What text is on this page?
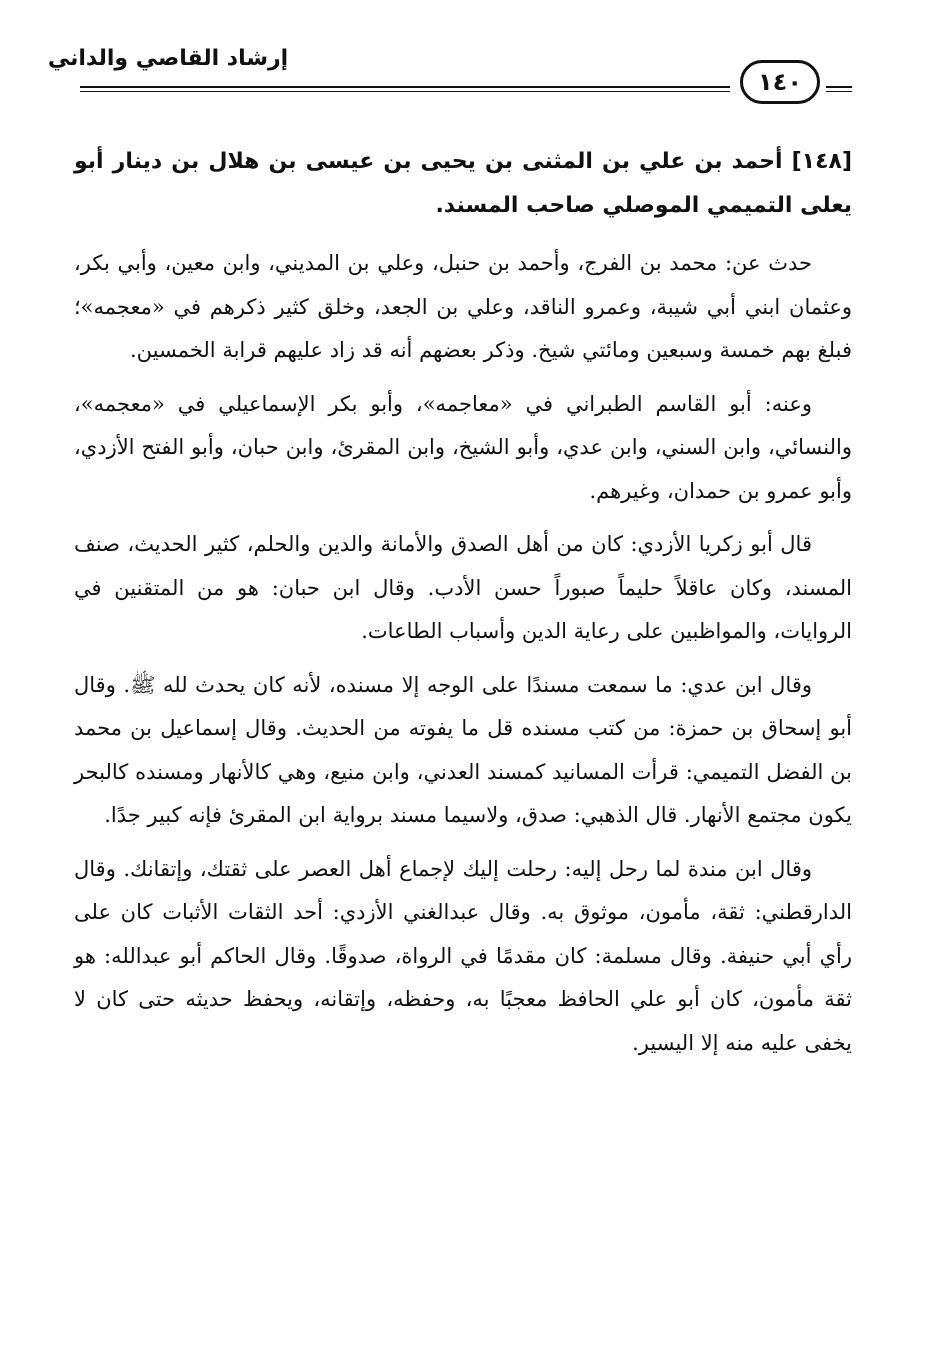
إرشاد القاصي والداني
١٤٠

[١٤٨] أحمد بن علي بن المثنى بن يحيى بن عيسى بن هلال بن دينار أبو يعلى التميمي الموصلي صاحب المسند.

حدث عن: محمد بن الفرج، وأحمد بن حنبل، وعلي بن المديني، وابن معين، وأبي بكر، وعثمان ابني أبي شيبة، وعمرو الناقد، وعلي بن الجعد، وخلق كثير ذكرهم في «معجمه»؛ فبلغ بهم خمسة وسبعين ومائتي شيخ. وذكر بعضهم أنه قد زاد عليهم قرابة الخمسين.

وعنه: أبو القاسم الطبراني في «معاجمه»، وأبو بكر الإسماعيلي في «معجمه»، والنسائي، وابن السني، وابن عدي، وأبو الشيخ، وابن المقرئ، وابن حبان، وأبو الفتح الأزدي، وأبو عمرو بن حمدان، وغيرهم.

قال أبو زكريا الأزدي: كان من أهل الصدق والأمانة والدين والحلم، كثير الحديث، صنف المسند، وكان عاقلاً حليماً صبوراً حسن الأدب. وقال ابن حبان: هو من المتقنين في الروايات، والمواظبين على رعاية الدين وأسباب الطاعات.

وقال ابن عدي: ما سمعت مسندًا على الوجه إلا مسنده، لأنه كان يحدث لله ﷺ. وقال أبو إسحاق بن حمزة: من كتب مسنده قل ما يفوته من الحديث. وقال إسماعيل بن محمد بن الفضل التميمي: قرأت المسانيد كمسند العدني، وابن منيع، وهي كالأنهار ومسنده كالبحر يكون مجتمع الأنهار. قال الذهبي: صدق، ولاسيما مسند برواية ابن المقرئ فإنه كبير جدًا.

وقال ابن مندة لما رحل إليه: رحلت إليك لإجماع أهل العصر على ثقتك، وإتقانك. وقال الدارقطني: ثقة، مأمون، موثوق به. وقال عبدالغني الأزدي: أحد الثقات الأثبات كان على رأي أبي حنيفة. وقال مسلمة: كان مقدمًا في الرواة، صدوقًا. وقال الحاكم أبو عبدالله: هو ثقة مأمون، كان أبو علي الحافظ معجبًا به، وحفظه، وإتقانه، ويحفظ حديثه حتى كان لا يخفى عليه منه إلا اليسير.
